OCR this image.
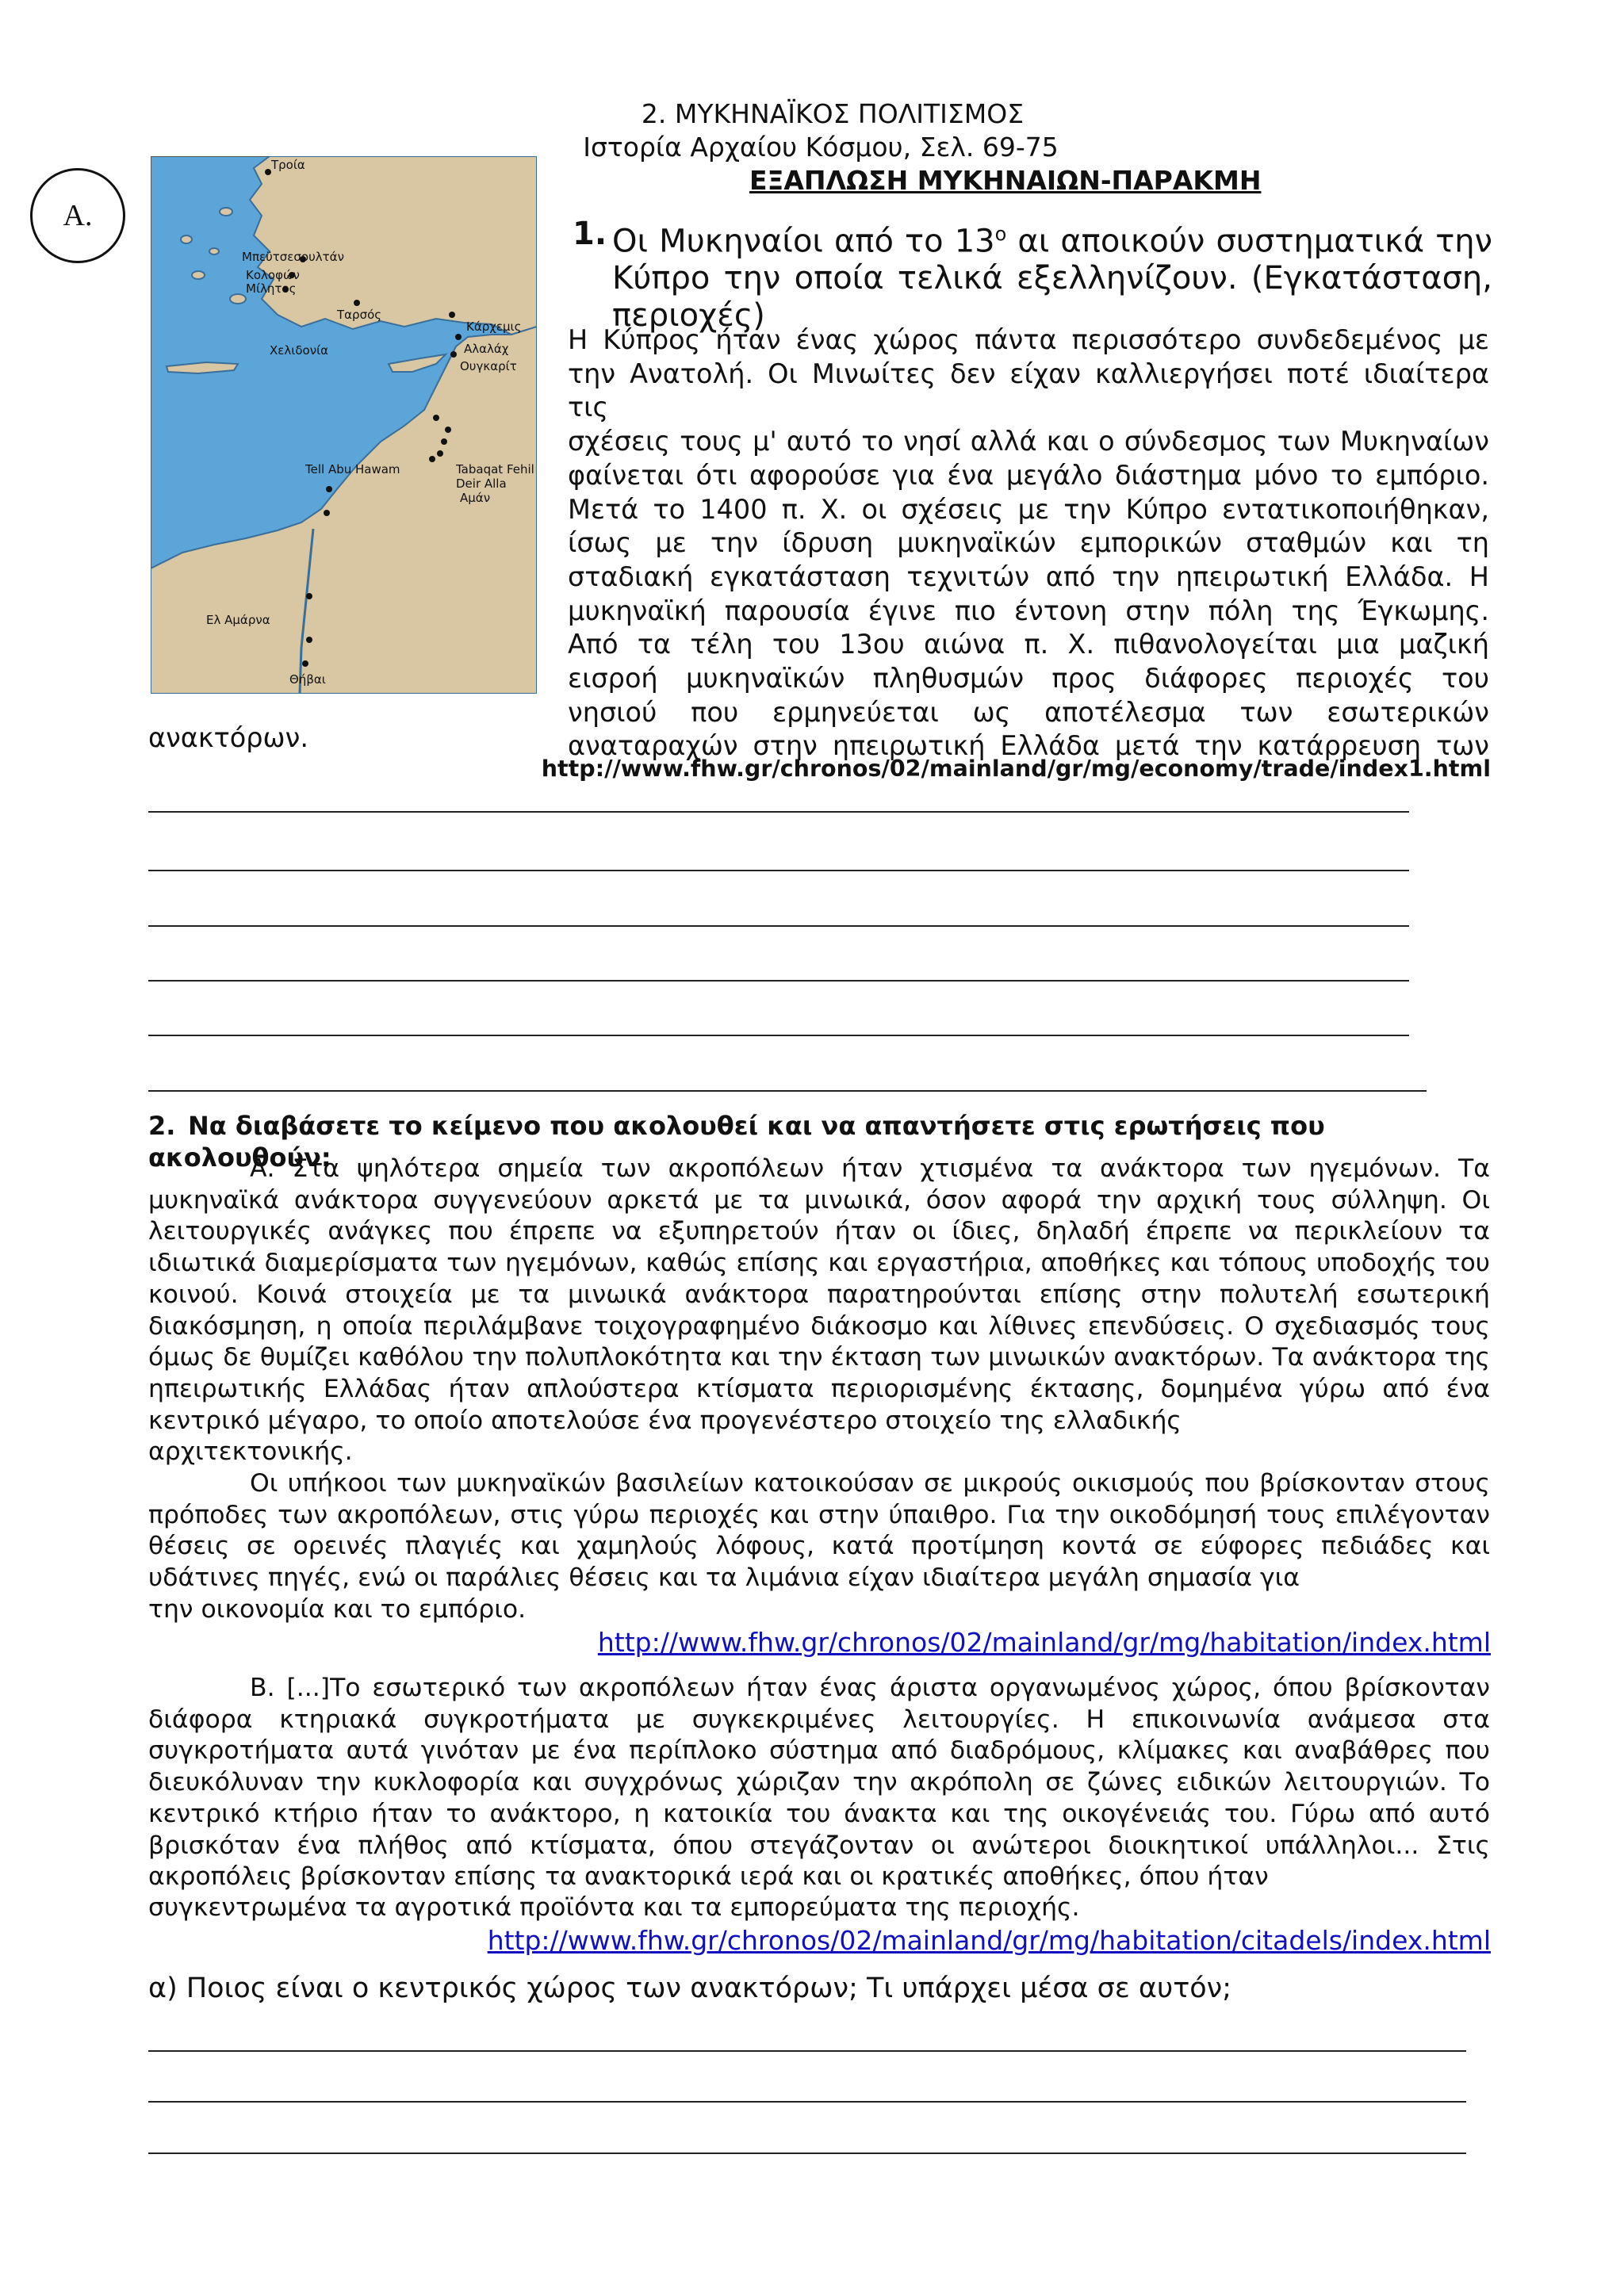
2. ΜΥΚΗΝΑΪΚΟΣ ΠΟΛΙΤΙΣΜΟΣ
Ιστορία Αρχαίου Κόσμου, Σελ. 69-75
ΕΞΑΠΛΩΣΗ ΜΥΚΗΝΑΙΩΝ-ΠΑΡΑΚΜΗ
A.
Τροία
Μπεϋτσεσουλτάν
Κολοφών
Μίλητος
Ταρσός
Κάρχεμις
Χελιδονία	Αλαλάχ
Ουγκαρίτ
Tell Abu Hawam	Tabaqat Fehil
Deir Alla
Αμάν
Ελ Αμάρνα
Θήβαι
1. Οι Μυκηναίοι από το $13^o$ αι αποικούν συστηματικά την Κύπρο την οποία τελικά εξελληνίζουν. (Εγκατάσταση, περιοχές)
Η Κύπρος ήταν ένας χώρος πάντα περισσότερο συνδεδεμένος με
την Ανατολή. Οι Μινωίτες δεν είχαν καλλιεργήσει ποτέ ιδιαίτερα τις
σχέσεις τους μ' αυτό το νησί αλλά και ο σύνδεσμος των Μυκηναίων
φαίνεται ότι αφορούσε για ένα μεγάλο διάστημα μόνο το εμπόριο.
Μετά το 1400 π. Χ. οι σχέσεις με την Κύπρο εντατικοποιήθηκαν,
ίσως με την ίδρυση μυκηναϊκών εμπορικών σταθμών και τη
σταδιακή εγκατάσταση τεχνιτών από την ηπειρωτική Ελλάδα. Η
μυκηναϊκή παρουσία έγινε πιο έντονη στην πόλη της Έγκωμης.
Από τα τέλη του 13ου αιώνα π. Χ. πιθανολογείται μια μαζική
εισροή μυκηναϊκών πληθυσμών προς διάφορες περιοχές του
νησιού που ερμηνεύεται ως αποτέλεσμα των εσωτερικών
αναταραχών στην ηπειρωτική Ελλάδα μετά την κατάρρευση των
ανακτόρων.
http://www.fhw.gr/chronos/02/mainland/gr/mg/economy/trade/index1.html
2. Να διαβάσετε το κείμενο που ακολουθεί και να απαντήσετε στις ερωτήσεις που ακολουθούν:
Α. Στα ψηλότερα σημεία των ακροπόλεων ήταν χτισμένα τα ανάκτορα των ηγεμόνων. Τα μυκηναϊκά ανάκτορα συγγενεύουν αρκετά με τα μινωικά, όσον αφορά την αρχική τους σύλληψη. Οι λειτουργικές ανάγκες που έπρεπε να εξυπηρετούν ήταν οι ίδιες, δηλαδή έπρεπε να περικλείουν τα ιδιωτικά διαμερίσματα των ηγεμόνων, καθώς επίσης και εργαστήρια, αποθήκες και τόπους υποδοχής του κοινού. Κοινά στοιχεία με τα μινωικά ανάκτορα παρατηρούνται επίσης στην πολυτελή εσωτερική διακόσμηση, η οποία περιλάμβανε τοιχογραφημένο διάκοσμο και λίθινες επενδύσεις. Ο σχεδιασμός τους όμως δε θυμίζει καθόλου την πολυπλοκότητα και την έκταση των μινωικών ανακτόρων. Τα ανάκτορα της ηπειρωτικής Ελλάδας ήταν απλούστερα κτίσματα περιορισμένης έκτασης, δομημένα γύρω από ένα κεντρικό μέγαρο, το οποίο αποτελούσε ένα προγενέστερο στοιχείο της ελλαδικής
αρχιτεκτονικής.
Οι υπήκοοι των μυκηναϊκών βασιλείων κατοικούσαν σε μικρούς οικισμούς που βρίσκονταν στους πρόποδες των ακροπόλεων, στις γύρω περιοχές και στην ύπαιθρο. Για την οικοδόμησή τους επιλέγονταν θέσεις σε ορεινές πλαγιές και χαμηλούς λόφους, κατά προτίμηση κοντά σε εύφορες πεδιάδες και υδάτινες πηγές, ενώ οι παράλιες θέσεις και τα λιμάνια είχαν ιδιαίτερα μεγάλη σημασία για
την οικονομία και το εμπόριο.
http://www.fhw.gr/chronos/02/mainland/gr/mg/habitation/index.html
Β. [...]Το εσωτερικό των ακροπόλεων ήταν ένας άριστα οργανωμένος χώρος, όπου βρίσκονταν διάφορα κτηριακά συγκροτήματα με συγκεκριμένες λειτουργίες. Η επικοινωνία ανάμεσα στα συγκροτήματα αυτά γινόταν με ένα περίπλοκο σύστημα από διαδρόμους, κλίμακες και αναβάθρες που διευκόλυναν την κυκλοφορία και συγχρόνως χώριζαν την ακρόπολη σε ζώνες ειδικών λειτουργιών. Το κεντρικό κτήριο ήταν το ανάκτορο, η κατοικία του άνακτα και της οικογένειάς του. Γύρω από αυτό βρισκόταν ένα πλήθος από κτίσματα, όπου στεγάζονταν οι ανώτεροι διοικητικοί υπάλληλοι... Στις ακροπόλεις βρίσκονταν επίσης τα ανακτορικά ιερά και οι κρατικές αποθήκες, όπου ήταν
συγκεντρωμένα τα αγροτικά προϊόντα και τα εμπορεύματα της περιοχής.
http://www.fhw.gr/chronos/02/mainland/gr/mg/habitation/citadels/index.html
α) Ποιος είναι ο κεντρικός χώρος των ανακτόρων; Τι υπάρχει μέσα σε αυτόν;
